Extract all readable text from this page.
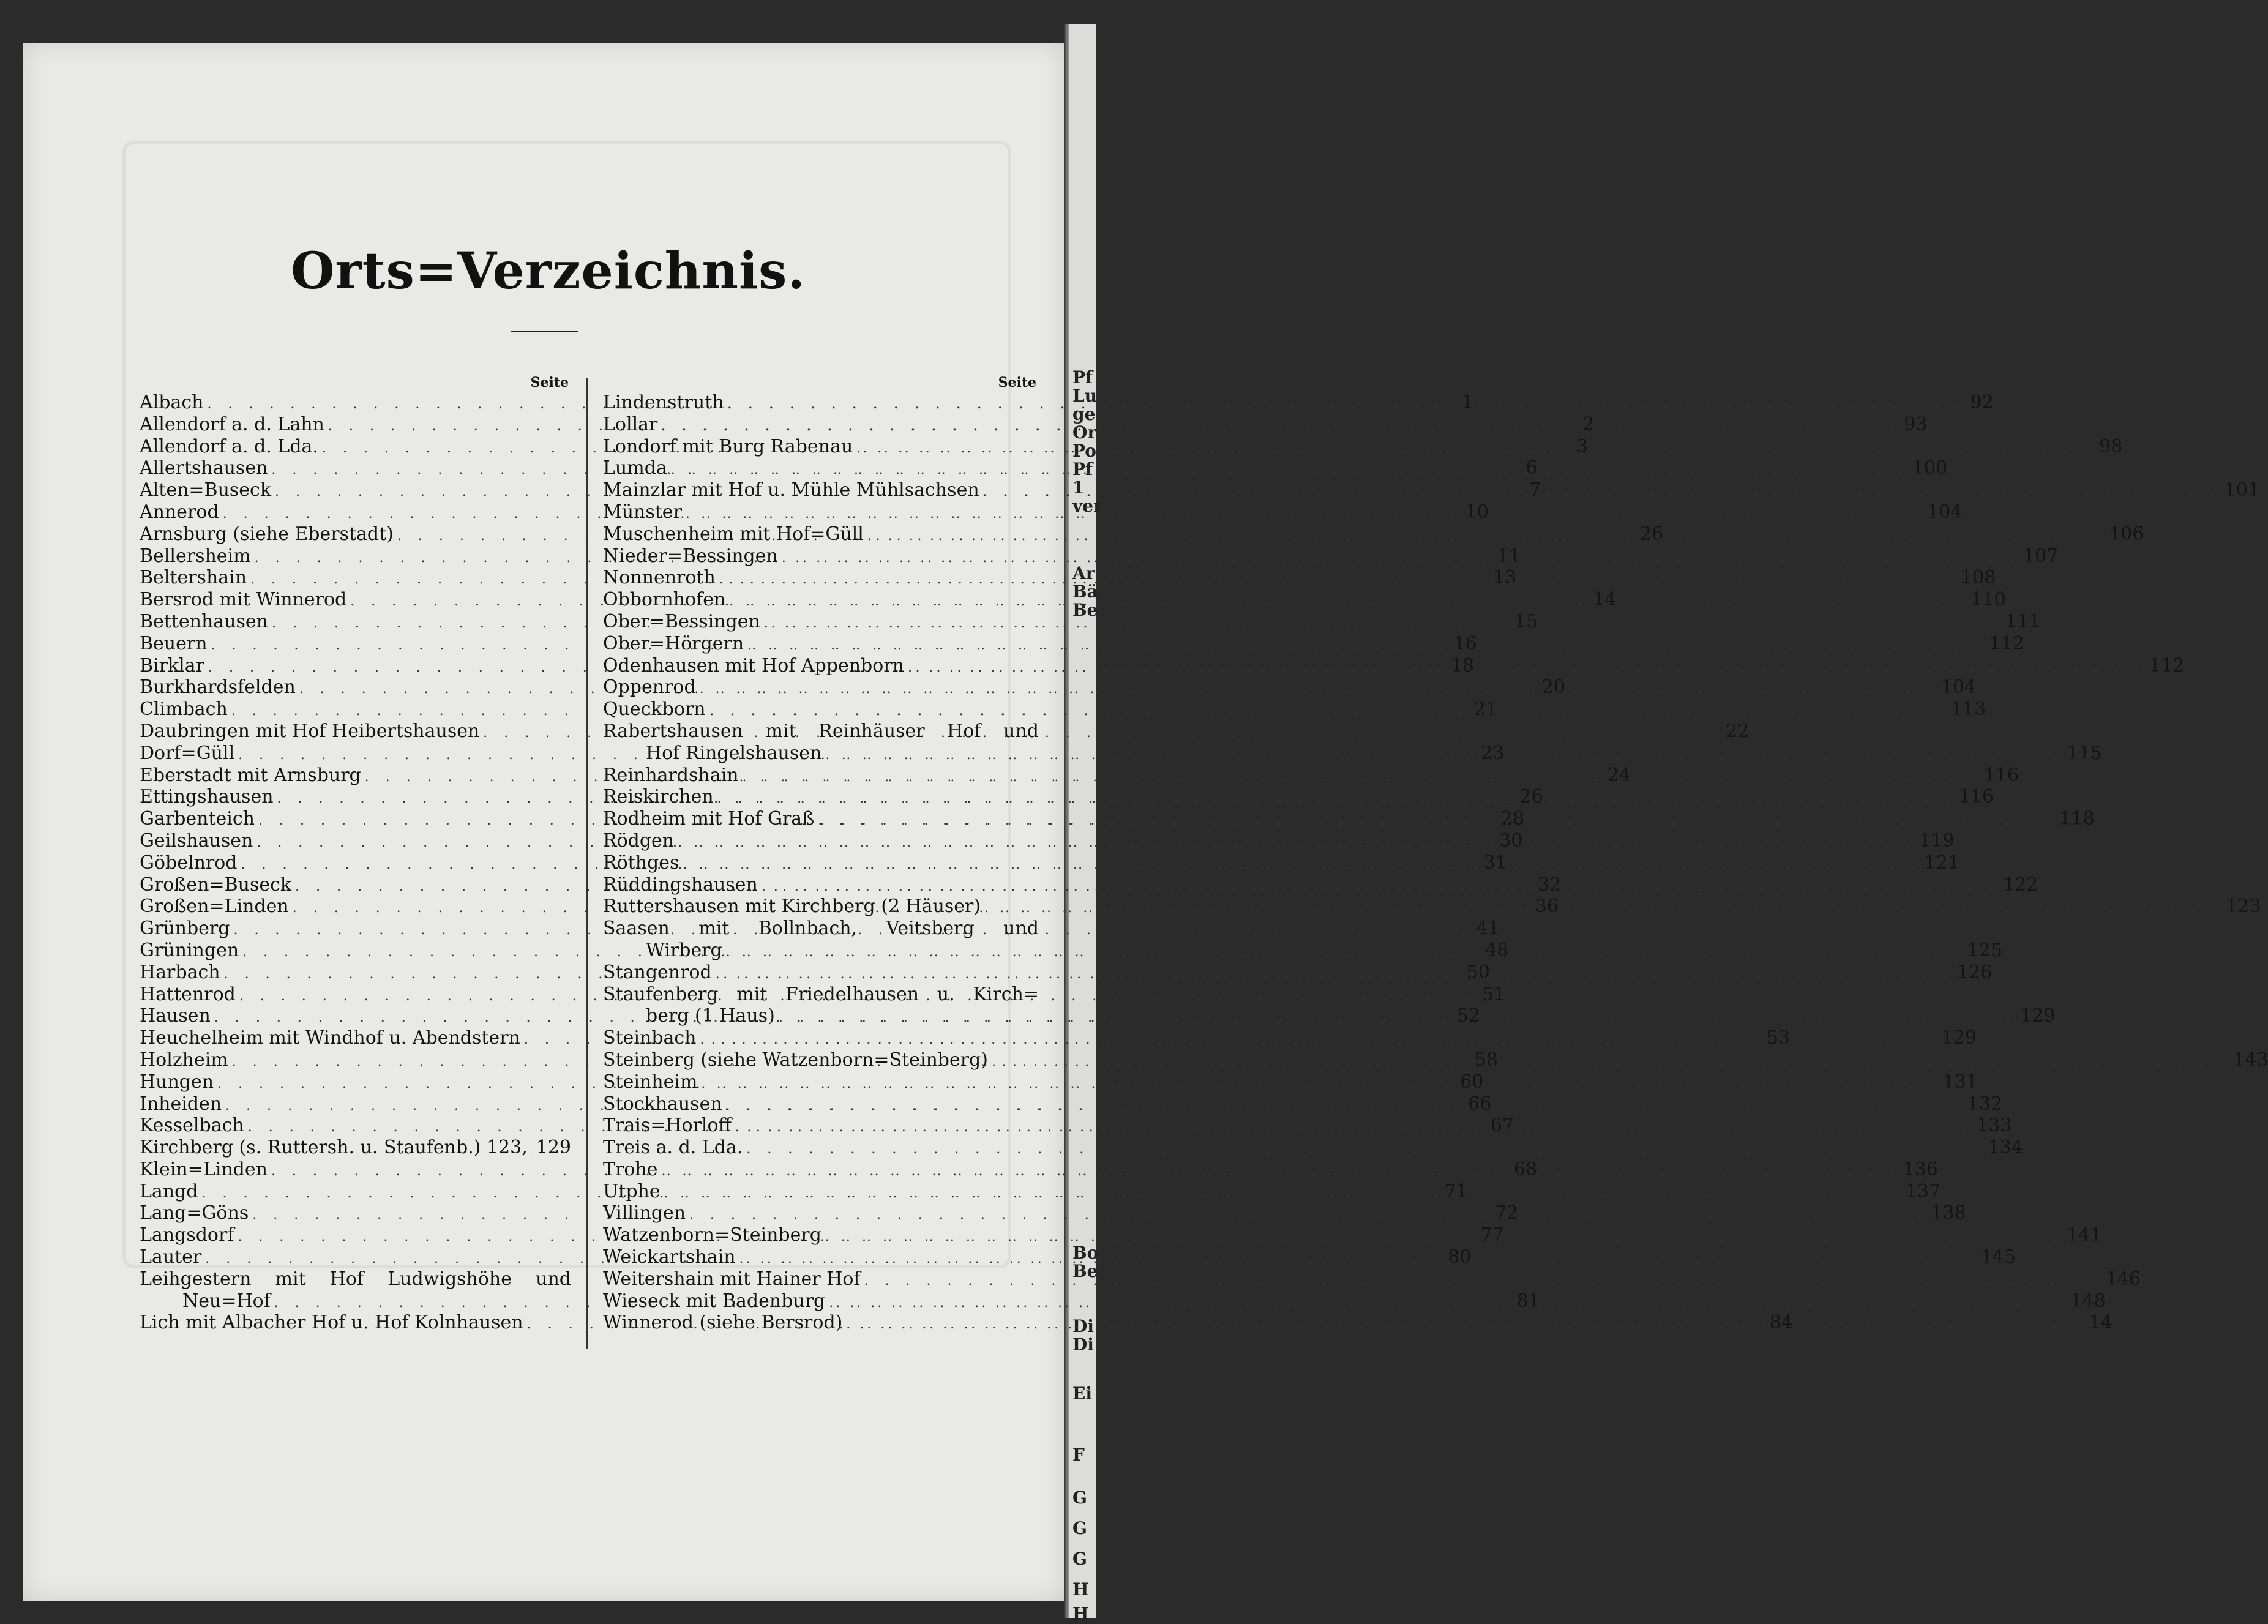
Pf
Lu
ge
Or
Po
Pf
1
ver
Ar
Bä
Be
Bo
Be
Di
Di
Ei
F
G
G
G
H
H
Orts=Verzeichnis.
Seite
Albach . . .	1
Allendorf a. d. Lahn . . .	2
Allendorf a. d. Lda. . . .	3
Allertshausen . . .	6
Alten=Buseck . . .	7
Annerod . . .	10
Arnsburg (siehe Eberstadt) . . .	26
Bellersheim . . .	11
Beltershain . . .	13
Bersrod mit Winnerod . . .	14
Bettenhausen . . .	15
Beuern . . .	16
Birklar . . .	18
Burkhardsfelden . . .	20
Climbach . . .	21
Daubringen mit Hof Heibertshausen . . .	22
Dorf=Güll . . .	23
Eberstadt mit Arnsburg . . .	24
Ettingshausen . . .	26
Garbenteich . . .	28
Geilshausen . . .	30
Göbelnrod . . .	31
Großen=Buseck . . .	32
Großen=Linden . . .	36
Grünberg . . .	41
Grüningen . . .	48
Harbach . . .	50
Hattenrod . . .	51
Hausen . . .	52
Heuchelheim mit Windhof u. Abendstern . . .	53
Holzheim . . .	58
Hungen . . .	60
Inheiden . . .	66
Kesselbach . . .	67
Kirchberg (s. Ruttersh. u. Staufenb.) 123, . . . 129
Klein=Linden . . .	68
Langd . . .	71
Lang=Göns . . .	72
Langsdorf . . .	77
Lauter . . .	80
Leihgestern mit Hof Ludwigshöhe und
Neu=Hof . . .	81
Lich mit Albacher Hof u. Hof Kolnhausen . . .	84
Seite
Lindenstruth . . .	92
Lollar . . .	93
Londorf mit Burg Rabenau . . .	98
Lumda . . .	100
Mainzlar mit Hof u. Mühle Mühlsachsen . . .	101
Münster . . .	104
Muschenheim mit Hof=Güll . . .	106
Nieder=Bessingen . . .	107
Nonnenroth . . .	108
Obbornhofen . . .	110
Ober=Bessingen . . .	111
Ober=Hörgern . . .	112
Odenhausen mit Hof Appenborn . . .	112
Oppenrod . . .	104
Queckborn . . .	113
Rabertshausen mit Reinhäuser Hof und
Hof Ringelshausen . . .	115
Reinhardshain . . .	116
Reiskirchen . . .	116
Rodheim mit Hof Graß . . .	118
Rödgen . . .	119
Röthges . . .	121
Rüddingshausen . . .	122
Ruttershausen mit Kirchberg (2 Häuser) . . .	123
Saasen mit Bollnbach, Veitsberg und
Wirberg . . .	125
Stangenrod . . .	126
Staufenberg mit Friedelhausen u. Kirch=
berg (1 Haus) . . .	129
Steinbach . . .	129
Steinberg (siehe Watzenborn=Steinberg) . . .	143
Steinheim . . .	131
Stockhausen . . .	132
Trais=Horloff . . .	133
Treis a. d. Lda. . . .	134
Trohe . . .	136
Utphe . . .	137
Villingen . . .	138
Watzenborn=Steinberg . . .	141
Weickartshain . . .	145
Weitershain mit Hainer Hof . . .	146
Wieseck mit Badenburg . . .	148
Winnerod (siehe Bersrod) . . .	14
